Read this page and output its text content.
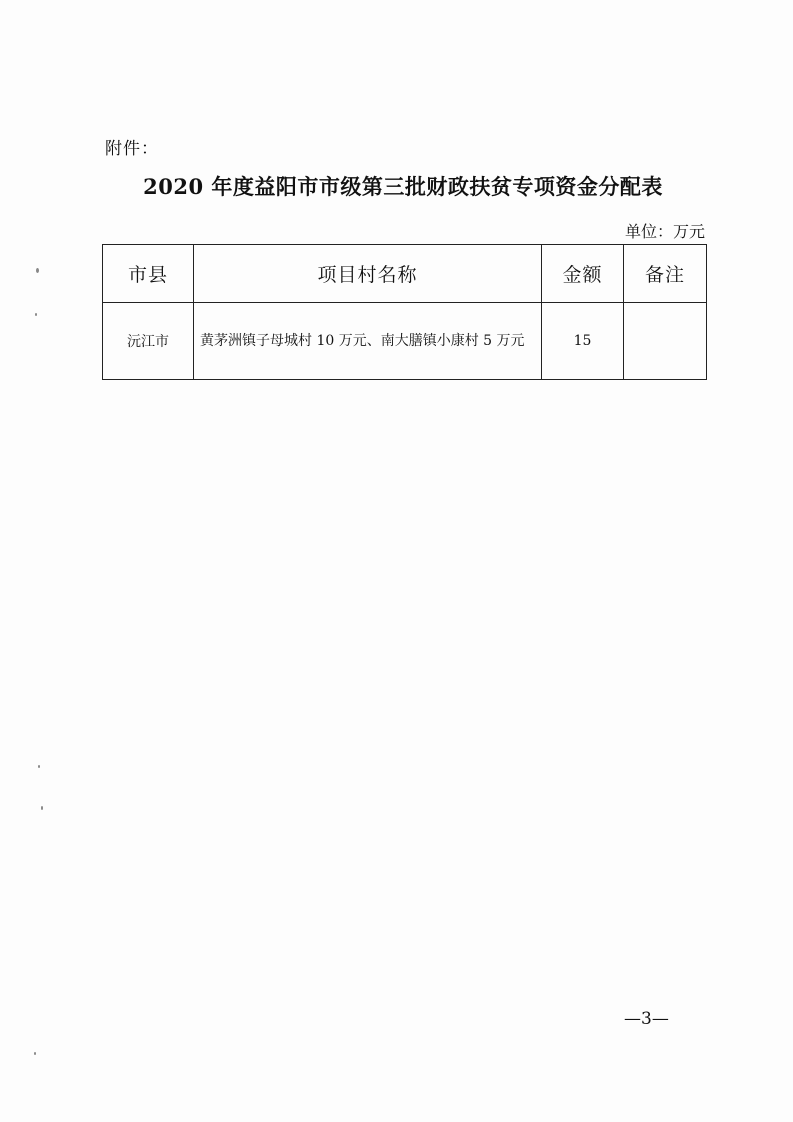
附件：
2020 年度益阳市市级第三批财政扶贫专项资金分配表
单位：万元
市县	项目村名称	金额	备注
沅江市	黄茅洲镇子母城村 10 万元、南大膳镇小康村 5 万元	15	
—3—
